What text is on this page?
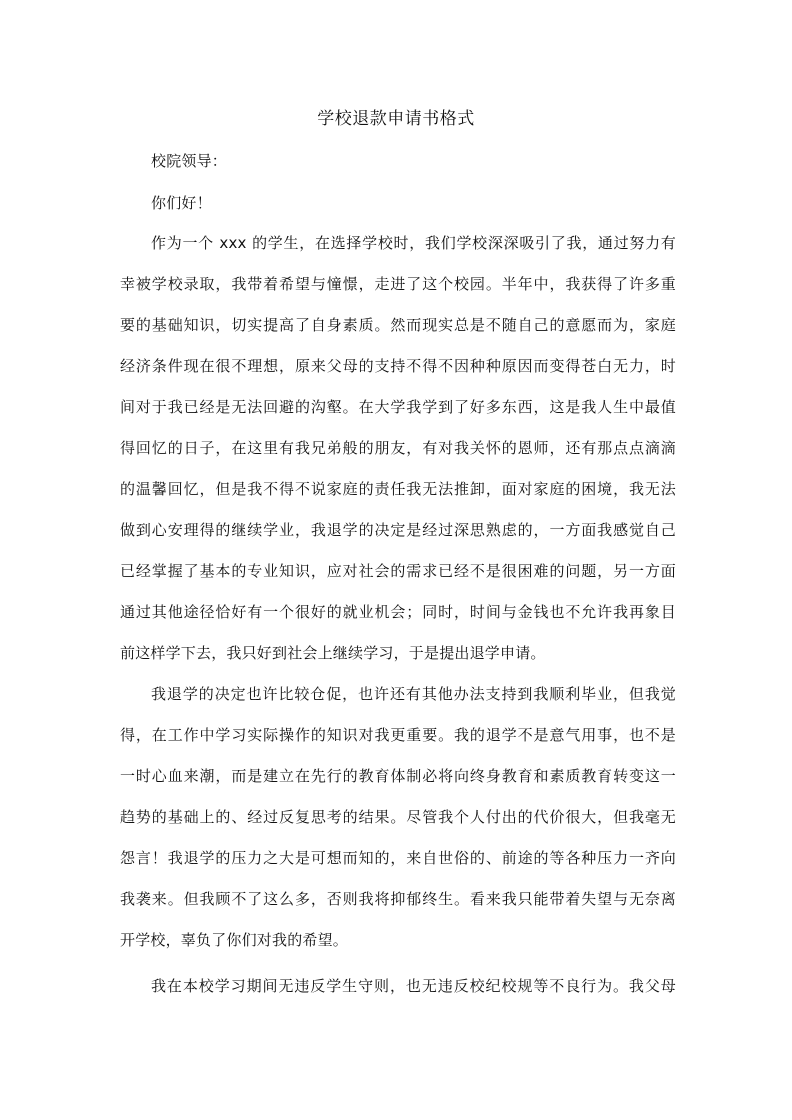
学校退款申请书格式
校院领导：
你们好！
作为一个 xxx 的学生，在选择学校时，我们学校深深吸引了我，通过努力有
幸被学校录取，我带着希望与憧憬，走进了这个校园。半年中，我获得了许多重
要的基础知识，切实提高了自身素质。然而现实总是不随自己的意愿而为，家庭
经济条件现在很不理想，原来父母的支持不得不因种种原因而变得苍白无力，时
间对于我已经是无法回避的沟壑。在大学我学到了好多东西，这是我人生中最值
得回忆的日子，在这里有我兄弟般的朋友，有对我关怀的恩师，还有那点点滴滴
的温馨回忆，但是我不得不说家庭的责任我无法推卸，面对家庭的困境，我无法
做到心安理得的继续学业，我退学的决定是经过深思熟虑的，一方面我感觉自己
已经掌握了基本的专业知识，应对社会的需求已经不是很困难的问题，另一方面
通过其他途径恰好有一个很好的就业机会；同时，时间与金钱也不允许我再象目
前这样学下去，我只好到社会上继续学习，于是提出退学申请。
我退学的决定也许比较仓促，也许还有其他办法支持到我顺利毕业，但我觉
得，在工作中学习实际操作的知识对我更重要。我的退学不是意气用事，也不是
一时心血来潮，而是建立在先行的教育体制必将向终身教育和素质教育转变这一
趋势的基础上的、经过反复思考的结果。尽管我个人付出的代价很大，但我毫无
怨言！我退学的压力之大是可想而知的，来自世俗的、前途的等各种压力一齐向
我袭来。但我顾不了这么多，否则我将抑郁终生。看来我只能带着失望与无奈离
开学校，辜负了你们对我的希望。
我在本校学习期间无违反学生守则，也无违反校纪校规等不良行为。我父母
